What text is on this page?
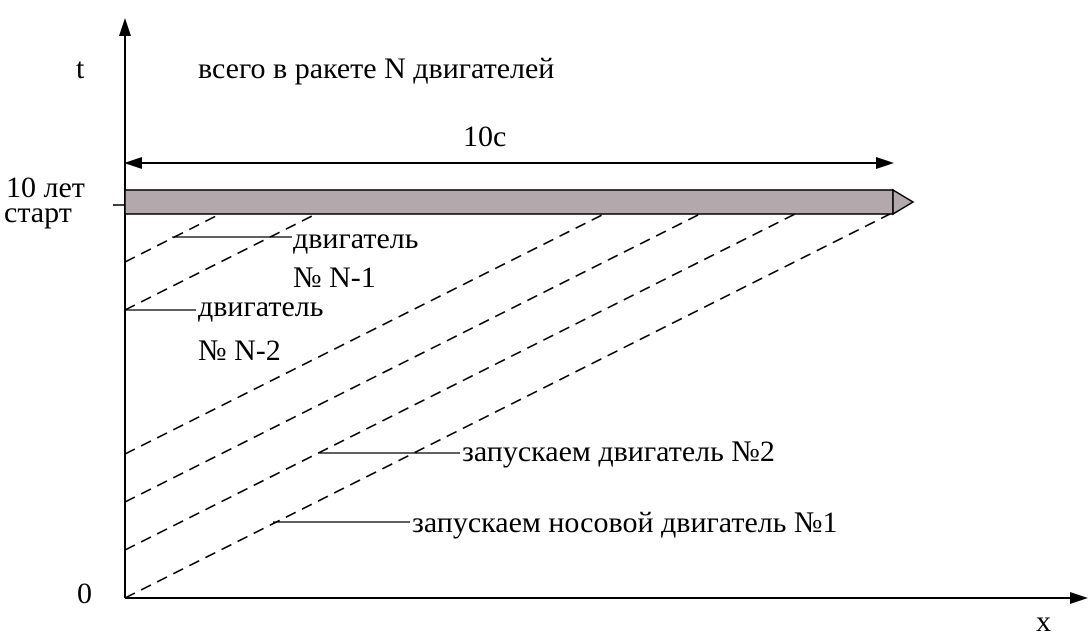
t
x
0
всего в ракете N двигателей
10с
10 лет
старт
двигатель
№ N-1
двигатель
№ N-2
запускаем двигатель №2
запускаем носовой двигатель №1
